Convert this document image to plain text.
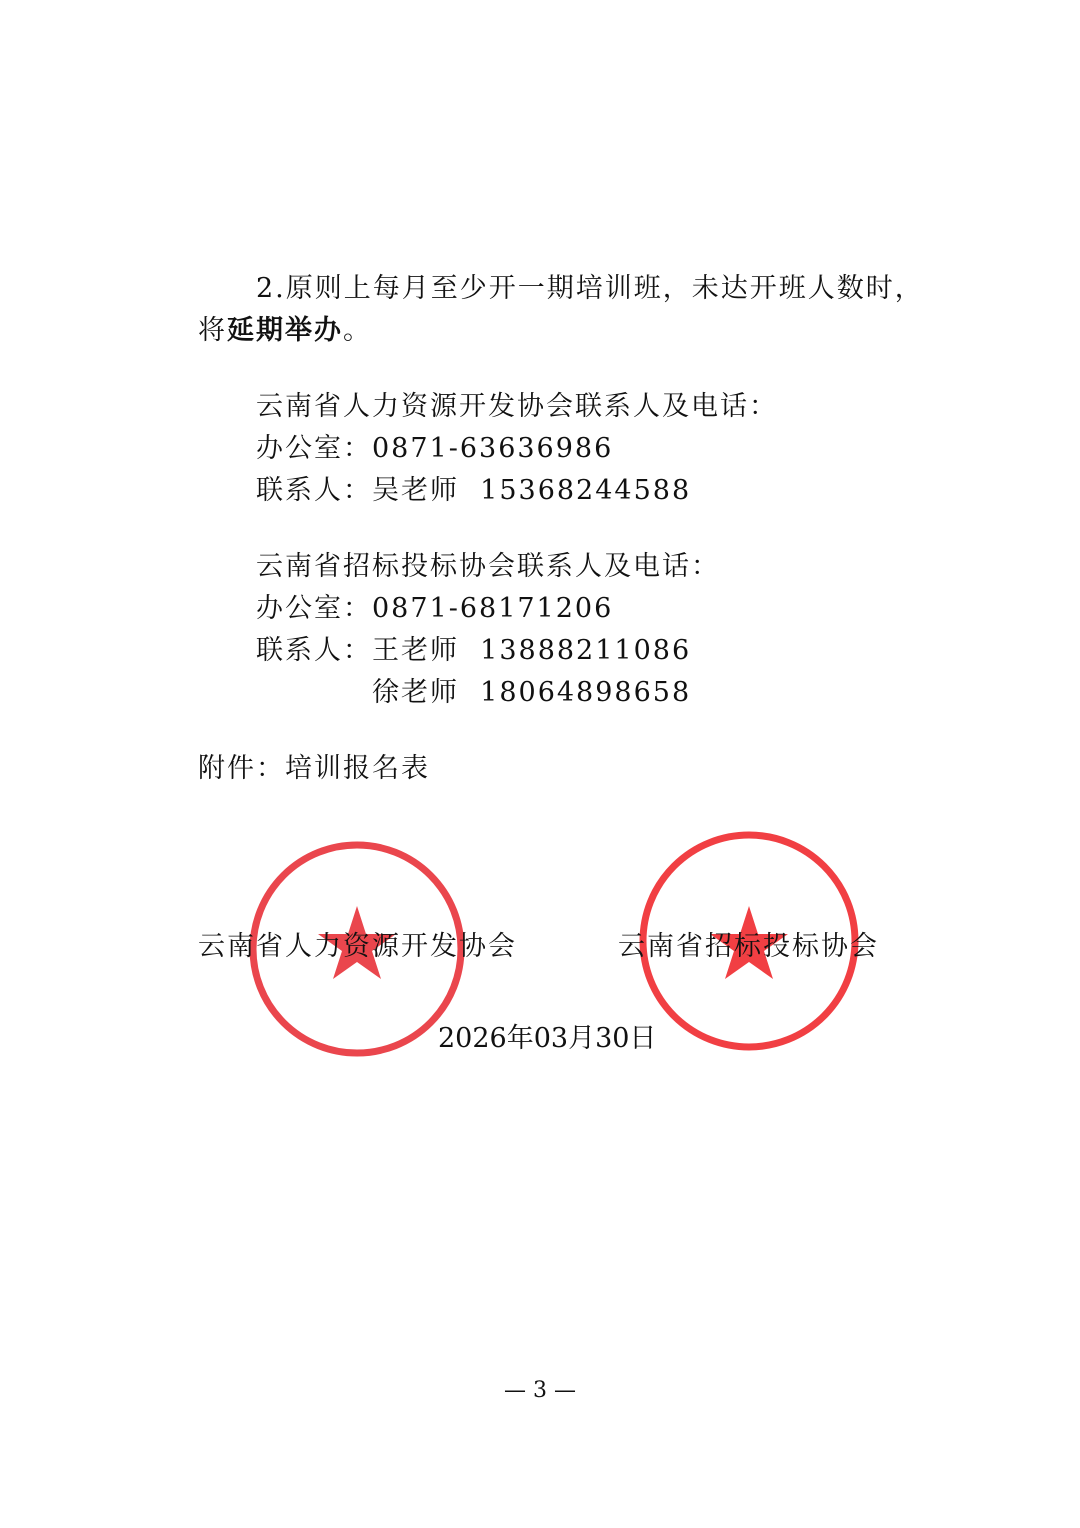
2.原则上每月至少开一期培训班，未达开班人数时，
将延期举办。
云南省人力资源开发协会联系人及电话：
办公室：0871-63636986
联系人：吴老师  15368244588
云南省招标投标协会联系人及电话：
办公室：0871-68171206
联系人：王老师  13888211086
徐老师  18064898658
附件：培训报名表
云南省人力资源开发协会	云南省招标投标协会
2026年03月30日
— 3 —
